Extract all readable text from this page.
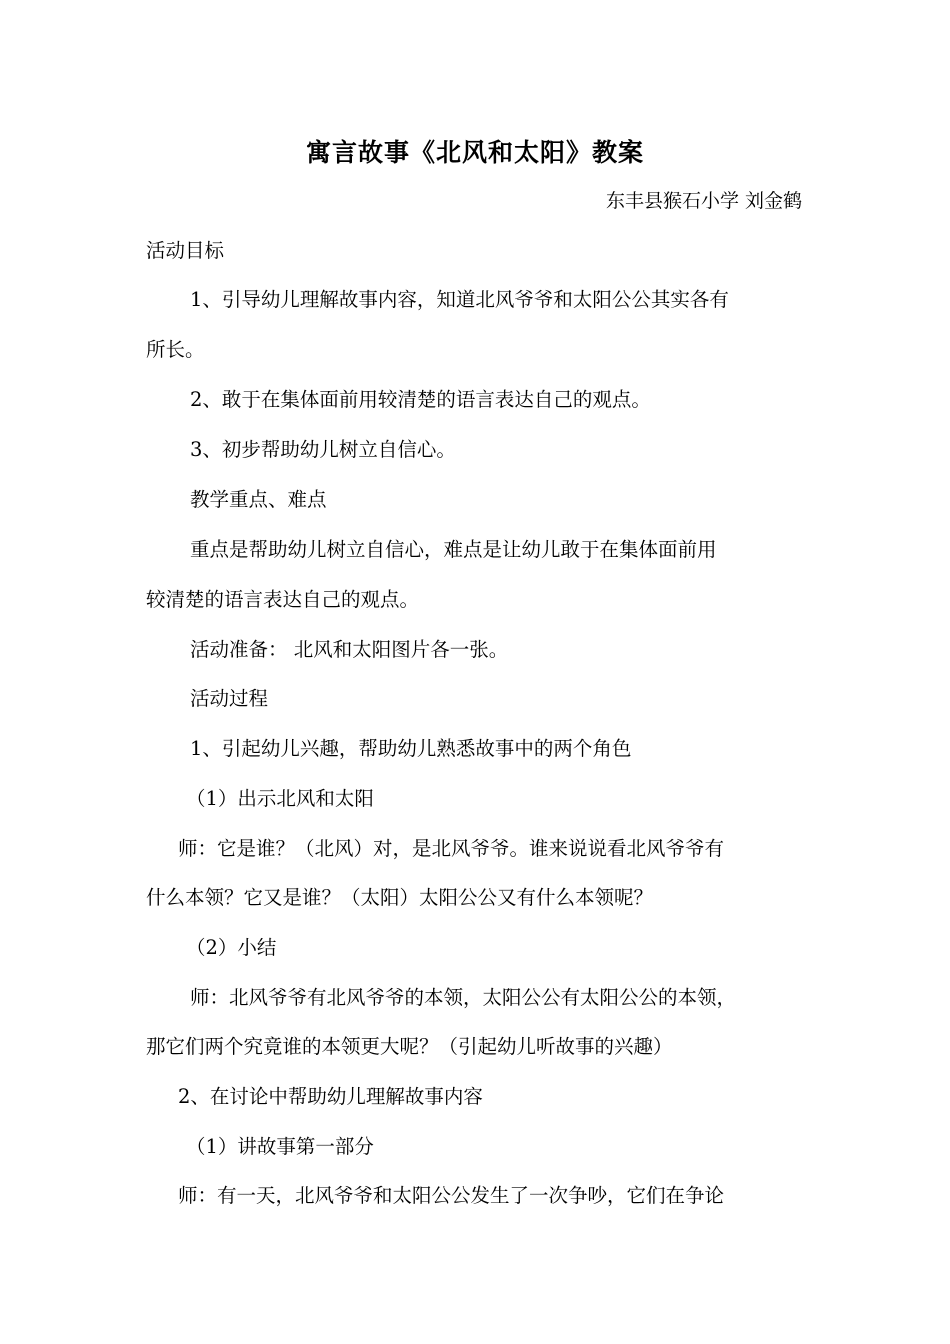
寓言故事《北风和太阳》教案
东丰县猴石小学 刘金鹤
活动目标
1、引导幼儿理解故事内容，知道北风爷爷和太阳公公其实各有
所长。
2、敢于在集体面前用较清楚的语言表达自己的观点。
3、初步帮助幼儿树立自信心。
教学重点、难点
重点是帮助幼儿树立自信心，难点是让幼儿敢于在集体面前用
较清楚的语言表达自己的观点。
活动准备： 北风和太阳图片各一张。
活动过程
1、引起幼儿兴趣，帮助幼儿熟悉故事中的两个角色
（1）出示北风和太阳
师：它是谁？（北风）对，是北风爷爷。谁来说说看北风爷爷有
什么本领？它又是谁？（太阳）太阳公公又有什么本领呢？
（2）小结
师：北风爷爷有北风爷爷的本领，太阳公公有太阳公公的本领，
那它们两个究竟谁的本领更大呢？（引起幼儿听故事的兴趣）
2、在讨论中帮助幼儿理解故事内容
（1）讲故事第一部分
师：有一天，北风爷爷和太阳公公发生了一次争吵，它们在争论
